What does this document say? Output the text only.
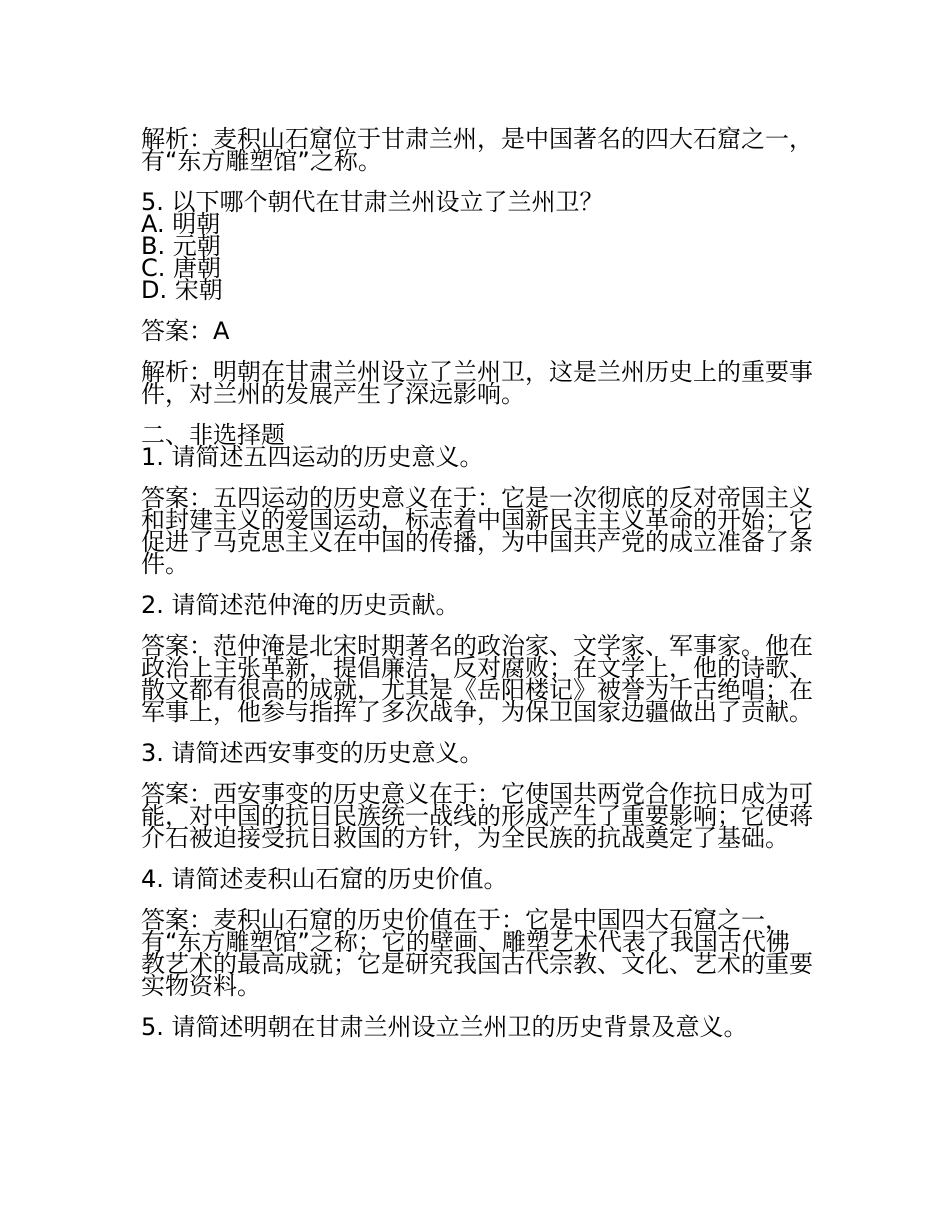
解析：麦积山石窟位于甘肃兰州，是中国著名的四大石窟之一，有“东方雕塑馆”之称。

5. 以下哪个朝代在甘肃兰州设立了兰州卫？

A. 明朝
B. 元朝
C. 唐朝
D. 宋朝

答案：A

解析：明朝在甘肃兰州设立了兰州卫，这是兰州历史上的重要事件，对兰州的发展产生了深远影响。

二、非选择题

1. 请简述五四运动的历史意义。

答案：五四运动的历史意义在于：它是一次彻底的反对帝国主义和封建主义的爱国运动，标志着中国新民主主义革命的开始；它促进了马克思主义在中国的传播，为中国共产党的成立准备了条件。

2. 请简述范仲淹的历史贡献。

答案：范仲淹是北宋时期著名的政治家、文学家、军事家。他在政治上主张革新，提倡廉洁，反对腐败；在文学上，他的诗歌、散文都有很高的成就，尤其是《岳阳楼记》被誉为千古绝唱；在军事上，他参与指挥了多次战争，为保卫国家边疆做出了贡献。

3. 请简述西安事变的历史意义。

答案：西安事变的历史意义在于：它使国共两党合作抗日成为可能，对中国的抗日民族统一战线的形成产生了重要影响；它使蒋介石被迫接受抗日救国的方针，为全民族的抗战奠定了基础。

4. 请简述麦积山石窟的历史价值。

答案：麦积山石窟的历史价值在于：它是中国四大石窟之一，有“东方雕塑馆”之称；它的壁画、雕塑艺术代表了我国古代佛教艺术的最高成就；它是研究我国古代宗教、文化、艺术的重要实物资料。

5. 请简述明朝在甘肃兰州设立兰州卫的历史背景及意义。
